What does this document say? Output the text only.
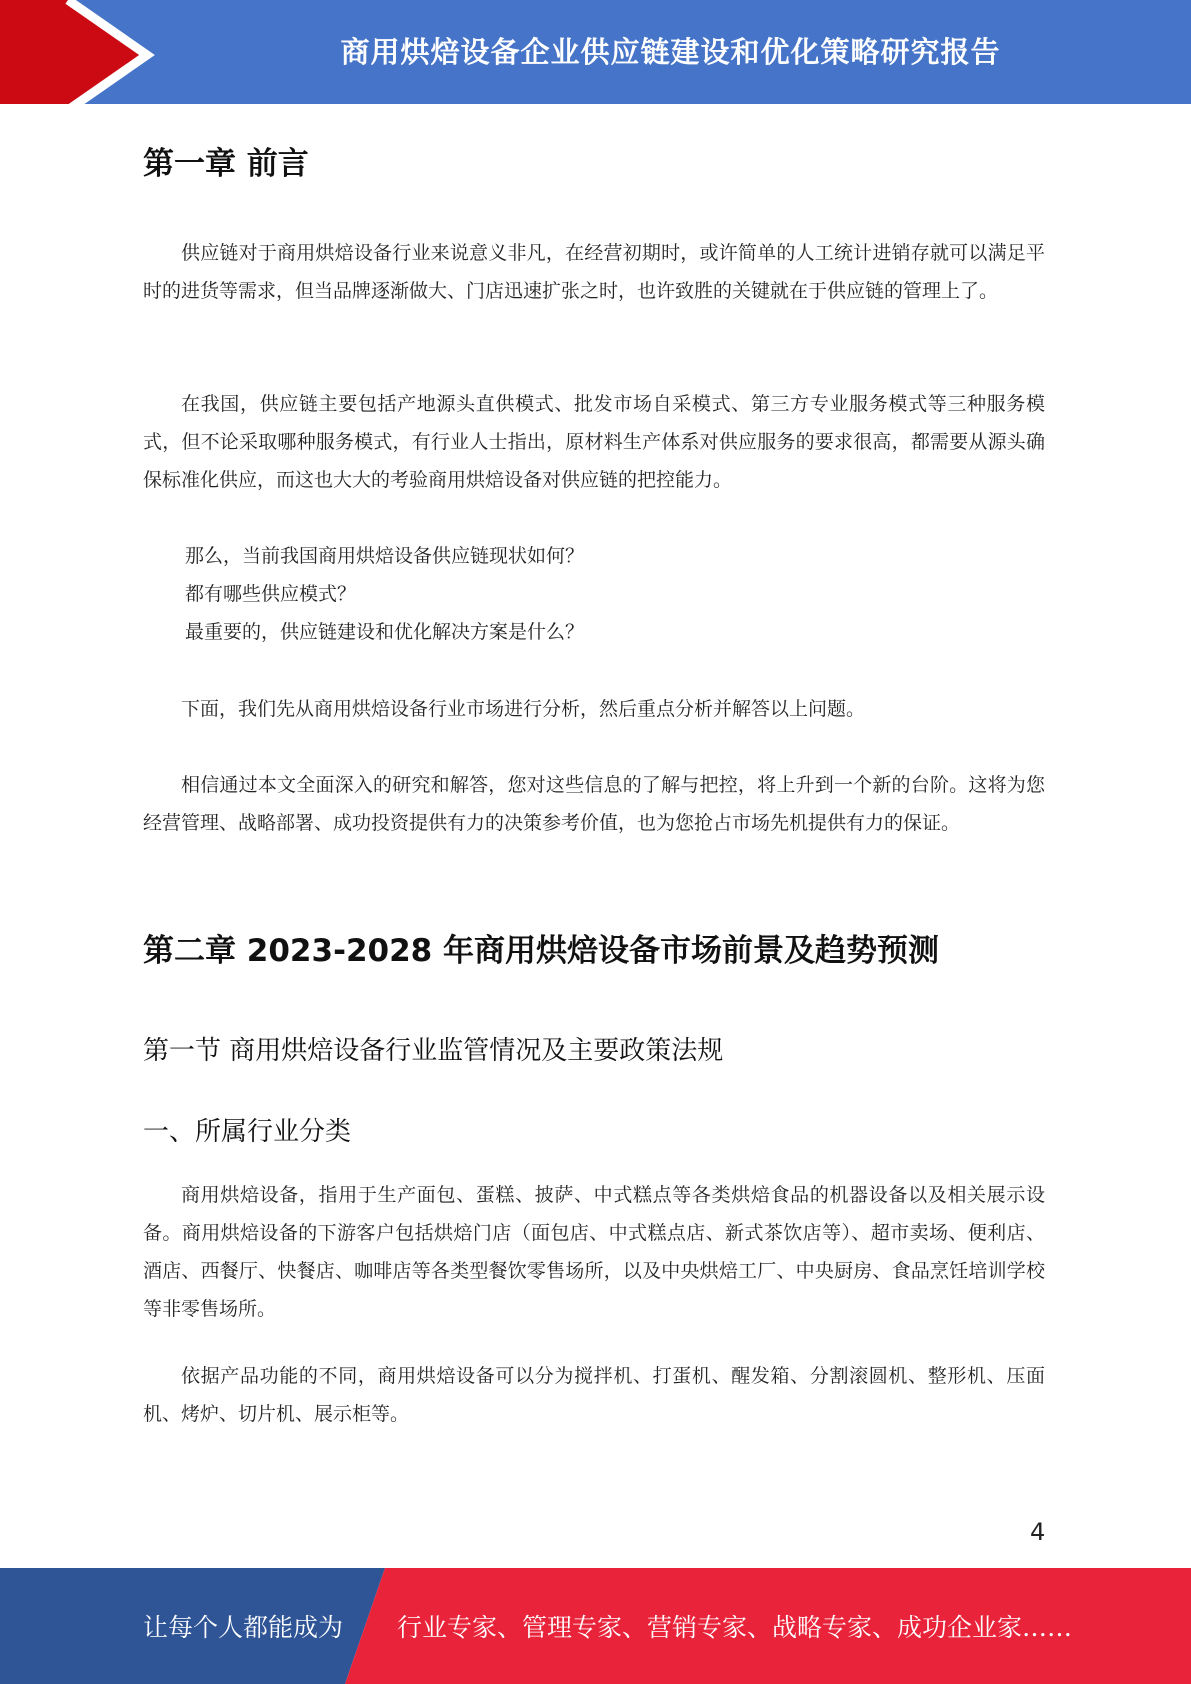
商用烘焙设备企业供应链建设和优化策略研究报告
第一章 前言
供应链对于商用烘焙设备行业来说意义非凡，在经营初期时，或许简单的人工统计进销存就可以满足平时的进货等需求，但当品牌逐渐做大、门店迅速扩张之时，也许致胜的关键就在于供应链的管理上了。
在我国，供应链主要包括产地源头直供模式、批发市场自采模式、第三方专业服务模式等三种服务模式，但不论采取哪种服务模式，有行业人士指出，原材料生产体系对供应服务的要求很高，都需要从源头确保标准化供应，而这也大大的考验商用烘焙设备对供应链的把控能力。
那么，当前我国商用烘焙设备供应链现状如何？
都有哪些供应模式？
最重要的，供应链建设和优化解决方案是什么？
下面，我们先从商用烘焙设备行业市场进行分析，然后重点分析并解答以上问题。
相信通过本文全面深入的研究和解答，您对这些信息的了解与把控，将上升到一个新的台阶。这将为您经营管理、战略部署、成功投资提供有力的决策参考价值，也为您抢占市场先机提供有力的保证。
第二章 2023-2028 年商用烘焙设备市场前景及趋势预测
第一节 商用烘焙设备行业监管情况及主要政策法规
一、所属行业分类
商用烘焙设备，指用于生产面包、蛋糕、披萨、中式糕点等各类烘焙食品的机器设备以及相关展示设备。商用烘焙设备的下游客户包括烘焙门店（面包店、中式糕点店、新式茶饮店等）、超市卖场、便利店、酒店、西餐厅、快餐店、咖啡店等各类型餐饮零售场所，以及中央烘焙工厂、中央厨房、食品烹饪培训学校等非零售场所。
依据产品功能的不同，商用烘焙设备可以分为搅拌机、打蛋机、醒发箱、分割滚圆机、整形机、压面机、烤炉、切片机、展示柜等。
4
让每个人都能成为 行业专家、管理专家、营销专家、战略专家、成功企业家……
